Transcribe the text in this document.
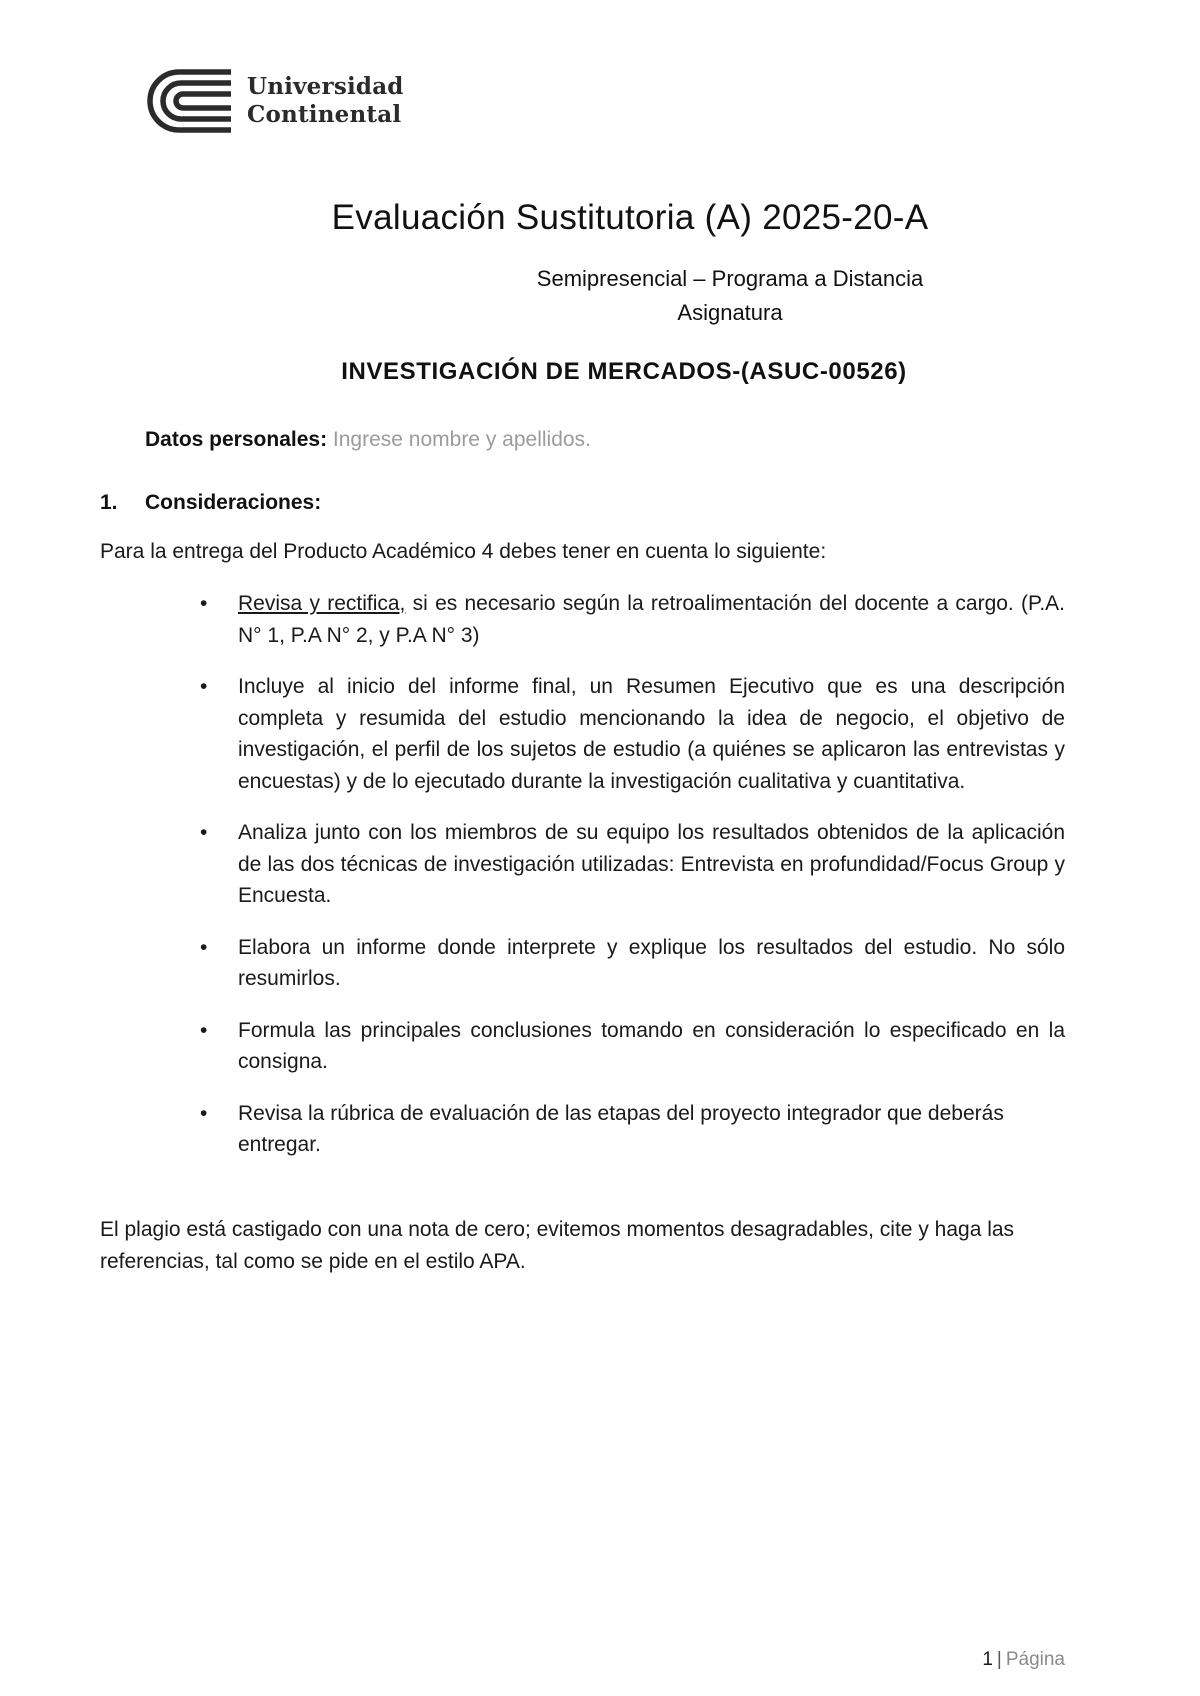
Universidad
Continental
Evaluación Sustitutoria (A) 2025-20-A
Semipresencial – Programa a Distancia
Asignatura
INVESTIGACIÓN DE MERCADOS-(ASUC-00526)
Datos personales: Ingrese nombre y apellidos.
1. Consideraciones:
Para la entrega del Producto Académico 4 debes tener en cuenta lo siguiente:
•	Revisa y rectifica, si es necesario según la retroalimentación del docente a cargo. (P.A. N° 1, P.A N° 2, y P.A N° 3)
•	Incluye al inicio del informe final, un Resumen Ejecutivo que es una descripción completa y resumida del estudio mencionando la idea de negocio, el objetivo de investigación, el perfil de los sujetos de estudio (a quiénes se aplicaron las entrevistas y encuestas) y de lo ejecutado durante la investigación cualitativa y cuantitativa.
•	Analiza junto con los miembros de su equipo los resultados obtenidos de la aplicación de las dos técnicas de investigación utilizadas: Entrevista en profundidad/Focus Group y Encuesta.
•	Elabora un informe donde interprete y explique los resultados del estudio. No sólo resumirlos.
•	Formula las principales conclusiones tomando en consideración lo especificado en la consigna.
•	Revisa la rúbrica de evaluación de las etapas del proyecto integrador que deberás entregar.
El plagio está castigado con una nota de cero; evitemos momentos desagradables, cite y haga las referencias, tal como se pide en el estilo APA.
1 | Página
